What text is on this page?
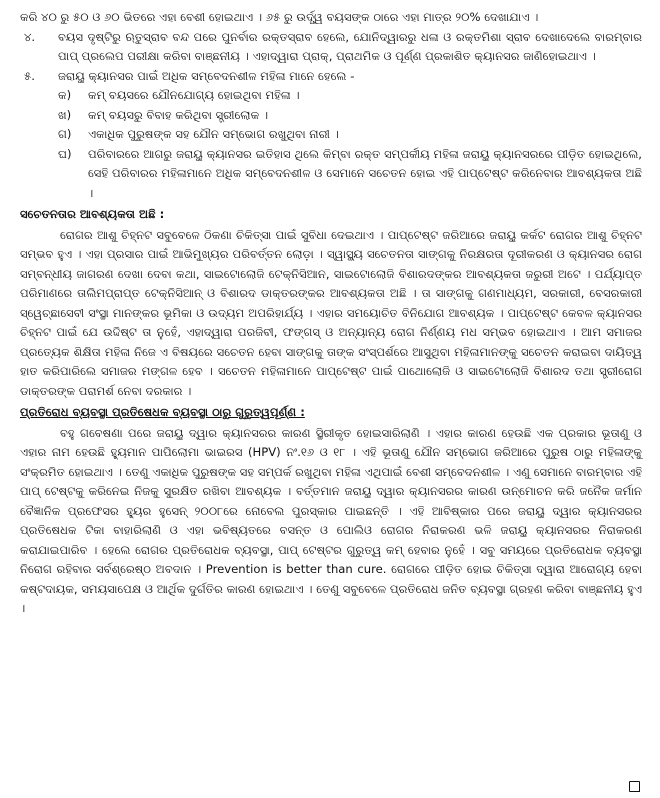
କରି ୪୦ ରୁ ୫୦ ଓ ୬୦ ଭିତରେ ଏହା ବେଶୀ ହୋଇଥାଏ । ୬୫ ରୁ ଉର୍ଦ୍ଧ୍ୱ ବୟସଙ୍କ ଠାରେ ଏହା ମାତ୍ର ୨୦% ଦେଖାଯାଏ ।

୪.	ବୟସ ଦୃଷ୍ଟିରୁ ଋତୁସ୍ରାବ ବନ୍ଦ ପରେ ପୁନର୍ବାର ରକ୍ତସ୍ରାବ ହେଲେ, ଯୋନିଦ୍ୱାରରୁ ଧଳା ଓ ରକ୍ତମିଶା ସ୍ରାବ ଦେଖାଦେଲେ ବାରମ୍ବାର ପାପ୍ ପ୍ରଲେପ ପରୀକ୍ଷା କରିବା ବାଞ୍ଛନୀୟ । ଏହାଦ୍ୱାରା ପ୍ରାକ୍, ପ୍ରାଥମିକ ଓ ପୂର୍ଣ୍ଣ ପ୍ରକାଶିତ କ୍ୟାନସର ଜାଣିହୋଇଥାଏ ।
୫.	ଜରାୟୁ କ୍ୟାନସର ପାଇଁ ଅଧିକ ସମ୍ବେଦନଶୀଳ ମହିଳା ମାନେ ହେଲେ -
କ)	କମ୍ ବୟସରେ ଯୌନଯୋଗ୍ୟ ହୋଇଥିବା ମହିଳା ।
ଖ)	କମ୍ ବୟସରୁ ବିବାହ କରିଥିବା ସ୍ତ୍ରୀଲୋକ ।
ଗ)	ଏକାଧିକ ପୁରୁଷଙ୍କ ସହ ଯୌନ ସମ୍ଭୋଗ ରଖୁଥିବା ନାରୀ ।
ଘ)	ପରିବାରରେ ଆଗରୁ ଜରାୟୁ କ୍ୟାନସର ଇତିହାସ ଥିଲେ କିମ୍ବା ରକ୍ତ ସମ୍ପର୍କୀୟ ମହିଳା ଜରାୟୁ କ୍ୟାନସରରେ ପୀଡ଼ିତ ହୋଇଥିଲେ, ସେହି ପରିବାରର ମହିଳାମାନେ ଅଧିକ ସମ୍ବେଦନଶୀଳ ଓ ସେମାନେ ସଚେତନ ହୋଇ ଏହି ପାପ୍‌ଟେଷ୍ଟ କରିନେବାର ଆବଶ୍ୟକତା ଅଛି ।

ସଚେତନତାର ଆବଶ୍ୟକତା ଅଛି :

ରୋଗର ଆଶୁ ଚିହ୍ନଟ ସବୁବେଳେ ଠିକଣା ଚିକିତ୍ସା ପାଇଁ ସୁବିଧା ଦେଇଥାଏ । ପାପ୍‌ଟେଷ୍ଟ ଜରିଆରେ ଜରାୟୁ କର୍କଟ ରୋଗର ଆଶୁ ଚିହ୍ନଟ ସମ୍ଭବ ହୁଏ । ଏହା ପ୍ରସାର ପାଇଁ ଆଭିମୁଖ୍ୟର ପରିବର୍ତ୍ତନ ଲୋଡ଼ା । ସ୍ୱାସ୍ଥ୍ୟ ସଚେତନତା ସାଙ୍ଗକୁ ନିରକ୍ଷରତା ଦୂରୀକରଣ ଓ କ୍ୟାନସର ରୋଗ ସମ୍ବନ୍ଧୀୟ ଜାଗରଣ ଦେଖା ଦେବା କଥା, ସାଇଟୋଲୋଜି ଟେକ୍‌ନିସିଆନ, ସାଇଟୋଲୋଜି ବିଶାରଦଙ୍କର ଆବଶ୍ୟକତା ଜରୁରୀ ଅଟେ । ପର୍ଯ୍ୟାପ୍ତ ପରିମାଣରେ ତାଲିମପ୍ରାପ୍ତ ଟେକ୍‌ନିସିଆନ୍ ଓ ବିଶାରଦ ଡାକ୍ତରଙ୍କର ଆବଶ୍ୟକତା ଅଛି । ତା ସାଙ୍ଗକୁ ଗଣମାଧ୍ୟମ, ସରକାରୀ, ବେସରକାରୀ ସ୍ୱେଚ୍ଛାସେବୀ ସଂସ୍ଥା ମାନଙ୍କର ଭୂମିକା ଓ ଉଦ୍ୟମ ଅପରିହାର୍ଯ୍ୟ । ଏହାର ସମୟୋଚିତ ବିନିଯୋଗ ଆବଶ୍ୟକ । ପାପ୍‌ଟେଷ୍ଟ କେବଳ କ୍ୟାନସର ଚିହ୍ନଟ ପାଇଁ ଯେ ଉଦ୍ଦିଷ୍ଟ ତା ନୁହେଁ, ଏହାଦ୍ୱାରା ପରଜିବୀ, ଫଙ୍ଗସ୍ ଓ ଅନ୍ୟାନ୍ୟ ରୋଗ ନିର୍ଣ୍ଣୟ ମଧ ସମ୍ଭବ ହୋଇଥାଏ । ଆମ ସମାଜର ପ୍ରତ୍ୟେକ ଶିକ୍ଷିତା ମହିଳା ନିଜେ ଏ ବିଷୟରେ ସଚେତନ ହେବା ସାଙ୍ଗକୁ ତାଙ୍କ ସଂସ୍ପର୍ଶରେ ଆସୁଥିବା ମହିଳାମାନଙ୍କୁ ସଚେତନ କରାଇବା ଦାୟିତ୍ୱ ହାତ କରିପାରିଲେ ସମାଜର ମଙ୍ଗଳ ହେବ । ସଚେତନ ମହିଳାମାନେ ପାପ୍‌ଟେଷ୍ଟ ପାଇଁ ପାଥୋଲୋଜି ଓ ସାଇଟୋଲୋଜି ବିଶାରଦ ତଥା ସ୍ତ୍ରୀରୋଗ ଡାକ୍ତରଙ୍କ ପରାମର୍ଶ ନେବା ଦରକାର ।

ପ୍ରତିରୋଧ ବ୍ୟବସ୍ଥା ପ୍ରତିଷେଧକ ବ୍ୟବସ୍ଥା ଠାରୁ ଗୁରୁତ୍ୱପୂର୍ଣ୍ଣ :

ବହୁ ଗବେଷଣା ପରେ ଜରାୟୁ ଦ୍ୱାର କ୍ୟାନସରର କାରଣ ସ୍ଥିରୀକୃତ ହୋଇସାରିଲାଣି । ଏହାର କାରଣ ହେଉଛି ଏକ ପ୍ରକାର ଭୂତାଣୁ ଓ ଏହାର ନାମ ହେଉଛି ହ୍ୟୁମାନ ପାପିଲୋମା ଭାଇରସ (HPV) ନଂ.୧୬ ଓ ୧୮ । ଏହି ଭୂତାଣୁ ଯୌନ ସମ୍ଭୋଗ ଜରିଆରେ ପୁରୁଷ ଠାରୁ ମହିଳାଙ୍କୁ ସଂକ୍ରମିତ ହୋଇଥାଏ । ତେଣୁ ଏକାଧିକ ପୁରୁଷଙ୍କ ସହ ସମ୍ପର୍କ ରଖୁଥିବା ମହିଳା ଏଥିପାଇଁ ବେଶୀ ସମ୍ବେଦନଶୀଳ । ଏଣୁ ସେମାନେ ବାରମ୍ବାର ଏହି ପାପ୍ ଟେଷ୍ଟକୁ କରିନେଇ ନିଜକୁ ସୁରକ୍ଷିତ ରଖିବା ଆବଶ୍ୟକ । ବର୍ତ୍ତମାନ ଜରାୟୁ ଦ୍ୱାର କ୍ୟାନସରର କାରଣ ଉନ୍ମୋଚନ କରି ଜନୈକ ଜର୍ମାନ ବୈଜ୍ଞାନିକ ପ୍ରଫେସର ହ୍ୟୁର ହୁସେନ୍ ୨୦୦୮ରେ ନୋବେଲ ପୁରସ୍କାର ପାଇଛନ୍ତି । ଏହି ଆବିଷ୍କାର ପରେ ଜରାୟୁ ଦ୍ୱାର କ୍ୟାନସରର ପ୍ରତିଷେଧକ ଟିକା ବାହାରିଲାଣି ଓ ଏହା ଭବିଷ୍ୟତରେ ବସନ୍ତ ଓ ପୋଲିଓ ରୋଗର ନିରାକରଣ ଭଳି ଜରାୟୁ କ୍ୟାନସରର ନିରାକରଣ କରାଯାଇପାରିବ । ହେଲେ ରୋଗର ପ୍ରତିରୋଧକ ବ୍ୟବସ୍ଥା, ପାପ୍ ଟେଷ୍ଟର ଗୁରୁତ୍ୱ କମ୍ ହେବାର ନୁହେଁ । ସବୁ ସମୟରେ ପ୍ରତିରୋଧକ ବ୍ୟବସ୍ଥା ନିରୋଗ ରହିବାର ସର୍ବଶ୍ରେଷ୍ଠ ଅବଦାନ । Prevention is better than cure. ରୋଗରେ ପୀଡ଼ିତ ହୋଇ ଚିକିତ୍ସା ଦ୍ୱାରା ଆରୋଗ୍ୟ ହେବା କଷ୍ଟଦାୟକ, ସମୟସାପେକ୍ଷ ଓ ଆର୍ଥିକ ଦୁର୍ଗତିର କାରଣ ହୋଇଥାଏ । ତେଣୁ ସବୁବେଳେ ପ୍ରତିରୋଧ ଜନିତ ବ୍ୟବସ୍ଥା ଗ୍ରହଣ କରିବା ବାଞ୍ଛନୀୟ ହୁଏ ।
